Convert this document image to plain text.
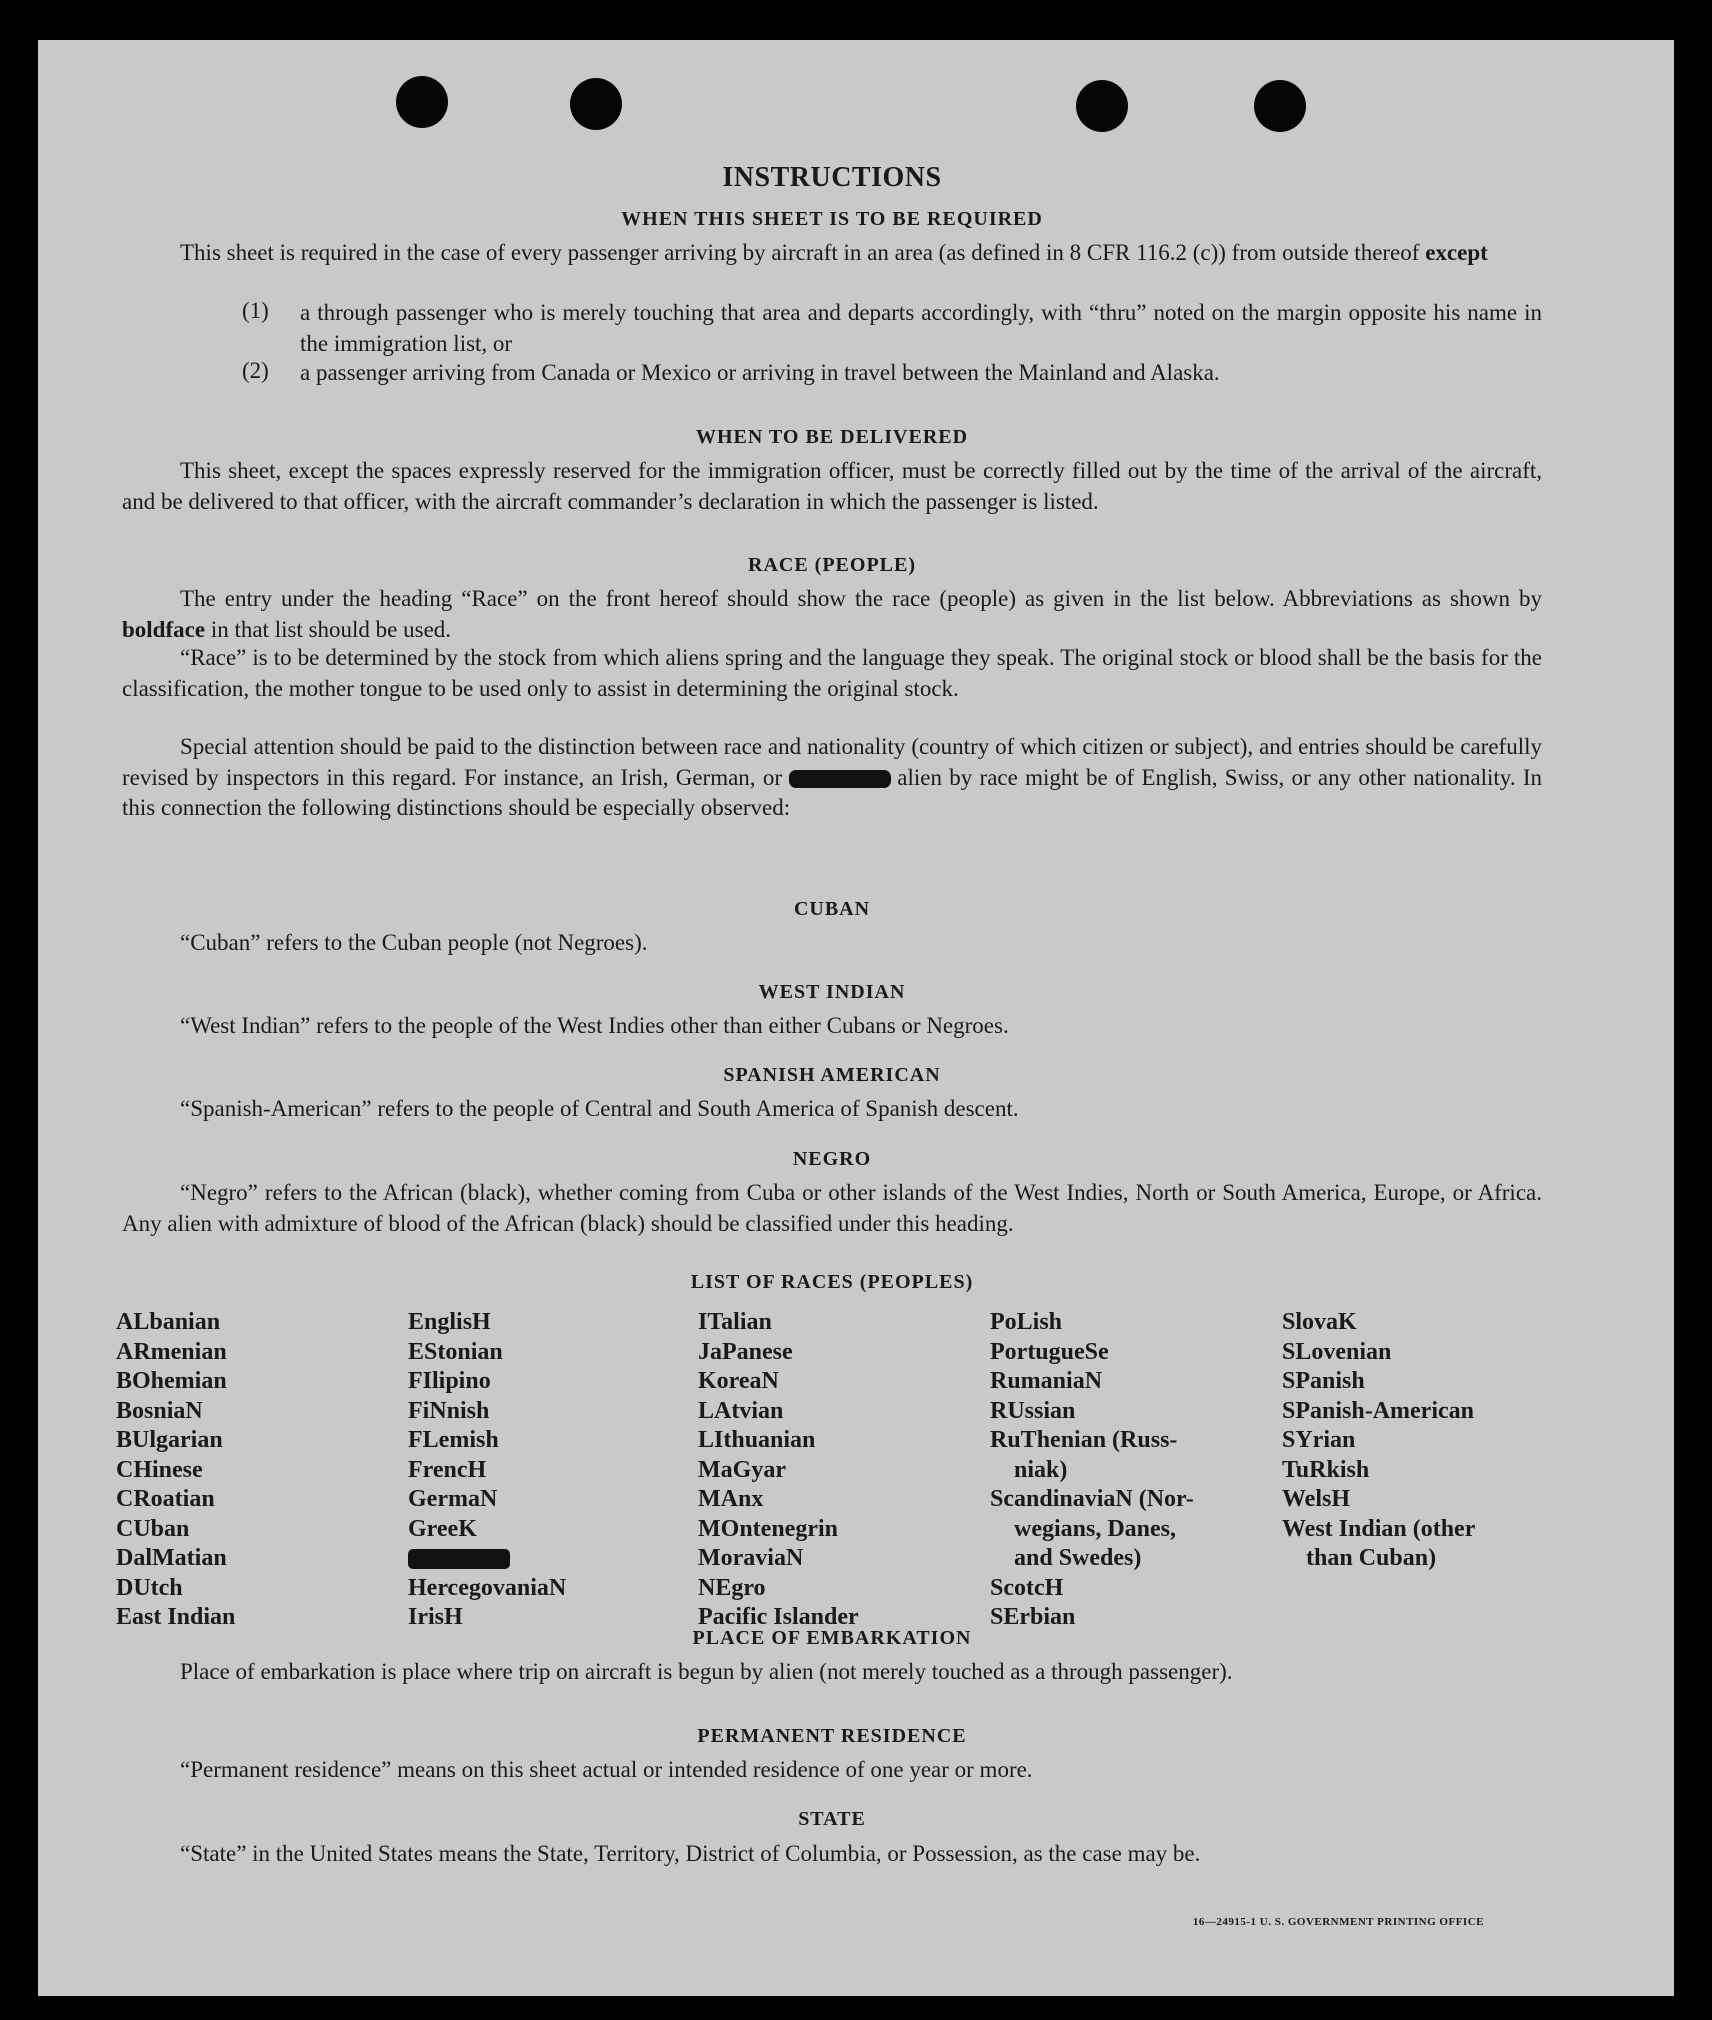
INSTRUCTIONS
WHEN THIS SHEET IS TO BE REQUIRED
This sheet is required in the case of every passenger arriving by aircraft in an area (as defined in 8 CFR 116.2 (c)) from outside thereof except
(1) a through passenger who is merely touching that area and departs accordingly, with “thru” noted on the margin opposite his name in the immigration list, or
(2) a passenger arriving from Canada or Mexico or arriving in travel between the Mainland and Alaska.
WHEN TO BE DELIVERED
This sheet, except the spaces expressly reserved for the immigration officer, must be correctly filled out by the time of the arrival of the aircraft, and be delivered to that officer, with the aircraft commander’s declaration in which the passenger is listed.
RACE (PEOPLE)
The entry under the heading “Race” on the front hereof should show the race (people) as given in the list below. Abbreviations as shown by boldface in that list should be used.
“Race” is to be determined by the stock from which aliens spring and the language they speak. The original stock or blood shall be the basis for the classification, the mother tongue to be used only to assist in determining the original stock.
Special attention should be paid to the distinction between race and nationality (country of which citizen or subject), and entries should be carefully revised by inspectors in this regard. For instance, an Irish, German, or	alien by race might be of English, Swiss, or any other nationality. In this connection the following distinctions should be especially observed:
CUBAN
“Cuban” refers to the Cuban people (not Negroes).
WEST INDIAN
“West Indian” refers to the people of the West Indies other than either Cubans or Negroes.
SPANISH AMERICAN
“Spanish-American” refers to the people of Central and South America of Spanish descent.
NEGRO
“Negro” refers to the African (black), whether coming from Cuba or other islands of the West Indies, North or South America, Europe, or Africa. Any alien with admixture of blood of the African (black) should be classified under this heading.
LIST OF RACES (PEOPLES)
ALbanian
ARmenian
BOhemian
BosniaN
BUlgarian
CHinese
CRoatian
CUban
DalMatian
DUtch
East Indian
EnglisH
EStonian
FIlipino
FiNnish
FLemish
FrencH
GermaN
GreeK
HercegovaniaN
IrisH
ITalian
JaPanese
KoreaN
LAtvian
LIthuanian
MaGyar
MAnx
MOntenegrin
MoraviaN
NEgro
Pacific Islander
PoLish
PortugueSe
RumaniaN
RUssian
RuThenian (Russ-
niak)
ScandinaviaN (Nor-
wegians, Danes,
and Swedes)
ScotcH
SErbian
SlovaK
SLovenian
SPanish
SPanish-American
SYrian
TuRkish
WelsH
West Indian (other
than Cuban)
PLACE OF EMBARKATION
Place of embarkation is place where trip on aircraft is begun by alien (not merely touched as a through passenger).
PERMANENT RESIDENCE
“Permanent residence” means on this sheet actual or intended residence of one year or more.
STATE
“State” in the United States means the State, Territory, District of Columbia, or Possession, as the case may be.
16—24915-1 U. S. GOVERNMENT PRINTING OFFICE
